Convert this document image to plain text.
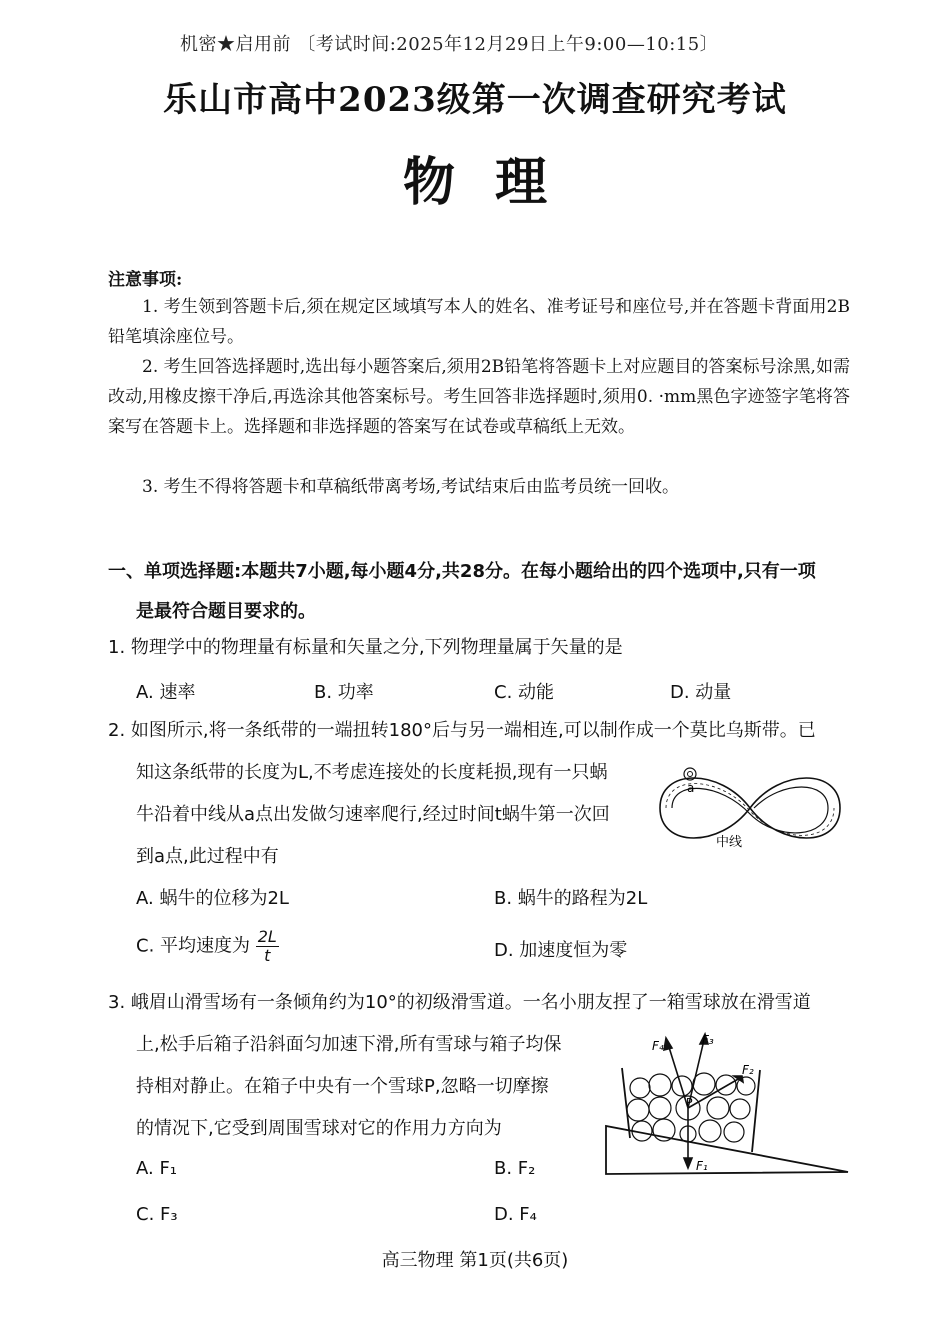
机密★启用前 〔考试时间:2025年12月29日上午9:00—10:15〕
乐山市高中2023级第一次调查研究考试
物理
注意事项:
1. 考生领到答题卡后,须在规定区域填写本人的姓名、准考证号和座位号,并在答题卡背面用2B铅笔填涂座位号。
2. 考生回答选择题时,选出每小题答案后,须用2B铅笔将答题卡上对应题目的答案标号涂黑,如需改动,用橡皮擦干净后,再选涂其他答案标号。考生回答非选择题时,须用0. ·mm黑色字迹签字笔将答案写在答题卡上。选择题和非选择题的答案写在试卷或草稿纸上无效。
3. 考生不得将答题卡和草稿纸带离考场,考试结束后由监考员统一回收。
一、单项选择题:本题共7小题,每小题4分,共28分。在每小题给出的四个选项中,只有一项
是最符合题目要求的。
1. 物理学中的物理量有标量和矢量之分,下列物理量属于矢量的是
A. 速率	B. 功率	C. 动能	D. 动量
2. 如图所示,将一条纸带的一端扭转180°后与另一端相连,可以制作成一个莫比乌斯带。已
知这条纸带的长度为L,不考虑连接处的长度耗损,现有一只蜗
牛沿着中线从a点出发做匀速率爬行,经过时间t蜗牛第一次回
到a点,此过程中有
a
中线
A. 蜗牛的位移为2L	B. 蜗牛的路程为2L
C. 平均速度为 $\frac{2L}{t}$	D. 加速度恒为零
3. 峨眉山滑雪场有一条倾角约为10°的初级滑雪道。一名小朋友捏了一箱雪球放在滑雪道
上,松手后箱子沿斜面匀加速下滑,所有雪球与箱子均保
持相对静止。在箱子中央有一个雪球P,忽略一切摩擦
的情况下,它受到周围雪球对它的作用力方向为
F₁
F₂
F₃
F₄
P
A. F₁	B. F₂
C. F₃	D. F₄
高三物理 第1页(共6页)
